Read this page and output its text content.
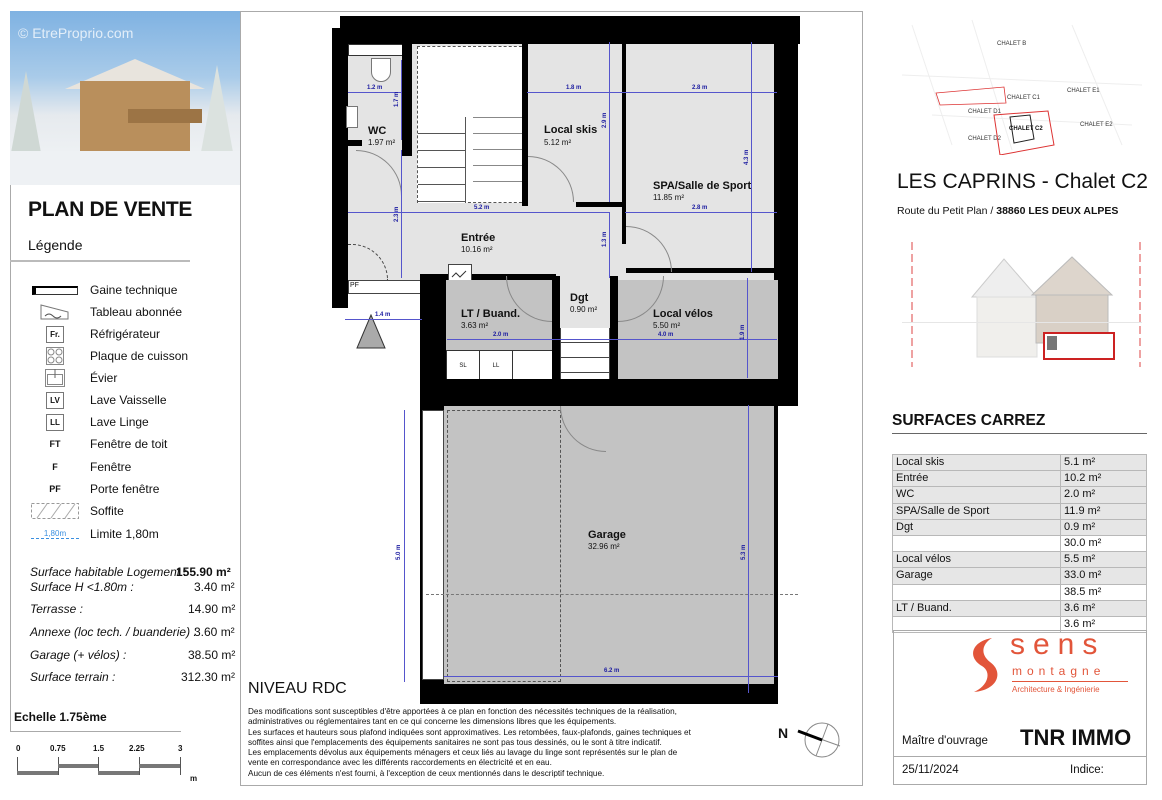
© EtreProprio.com
PLAN DE VENTE
Légende
Gaine technique
Tableau abonnée
Fr.	Réfrigérateur
Plaque de cuisson
Évier
LV	Lave Vaisselle
LL	Lave Linge
FT	Fenêtre de toit
F	Fenêtre
PF	Porte fenêtre
Soffite
1,80m Limite 1,80m
Surface habitable Logement :
155.90 m²
Surface H <1.80m :	3.40 m²
Terrasse :	14.90 m²
Annexe (loc tech. / buanderie) :
3.60 m²
Garage (+ vélos) :	38.50 m²
Surface terrain :	312.30 m²
Echelle 1.75ème
0	0.75	1.5	2.25	3
m
PF
SL	LL
1.2 m
1.7 m
1.8 m
2.9 m
2.8 m
4.3 m
2.8 m
5.2 m
2.3 m
1.3 m
1.4 m
2.0 m	4.0 m	1.9 m
5.0 m	5.3 m
6.2 m
WC
1.97 m²
Local skis
5.12 m²
SPA/Salle de Sport
11.85 m²
Entrée
10.16 m²
LT / Buand.
3.63 m²
Dgt
0.90 m²	Local vélos
5.50 m²
Garage
32.96 m²
NIVEAU RDC
Des modifications sont susceptibles d'être apportées à ce plan en fonction des nécessités techniques de la réalisation,
administratives ou réglementaires tant en ce qui concerne les dimensions libres que les équipements.
Les surfaces et hauteurs sous plafond indiquées sont approximatives. Les retombées, faux-plafonds, gaines techniques et
soffites ainsi que l'emplacements des équipements sanitaires ne sont pas tous dessinés, ou le sont à titre indicatif.
Les emplacements dévolus aux équipements ménagers et ceux liés au lavage du linge sont représentés sur le plan de
vente en correspondance avec les différents raccordements en électricité et en eau.
Aucun de ces éléments n'est fourni, à l'exception de ceux mentionnés dans le descriptif technique.
N
CHALET B
CHALET E1
CHALET C1
CHALET D1
CHALET C2
CHALET E2
CHALET D2
LES CAPRINS - Chalet C2
Route du Petit Plan / 38860 LES DEUX ALPES
SURFACES CARREZ
Local skis	5.1 m²
Entrée	10.2 m²
WC	2.0 m²
SPA/Salle de Sport	11.9 m²
Dgt	0.9 m²
	30.0 m²
Local vélos	5.5 m²
Garage	33.0 m²
	38.5 m²
LT / Buand.	3.6 m²
	3.6 m²
sens
montagne
Architecture & Ingénierie
Maître d'ouvrage TNR IMMO
25/11/2024	Indice:
